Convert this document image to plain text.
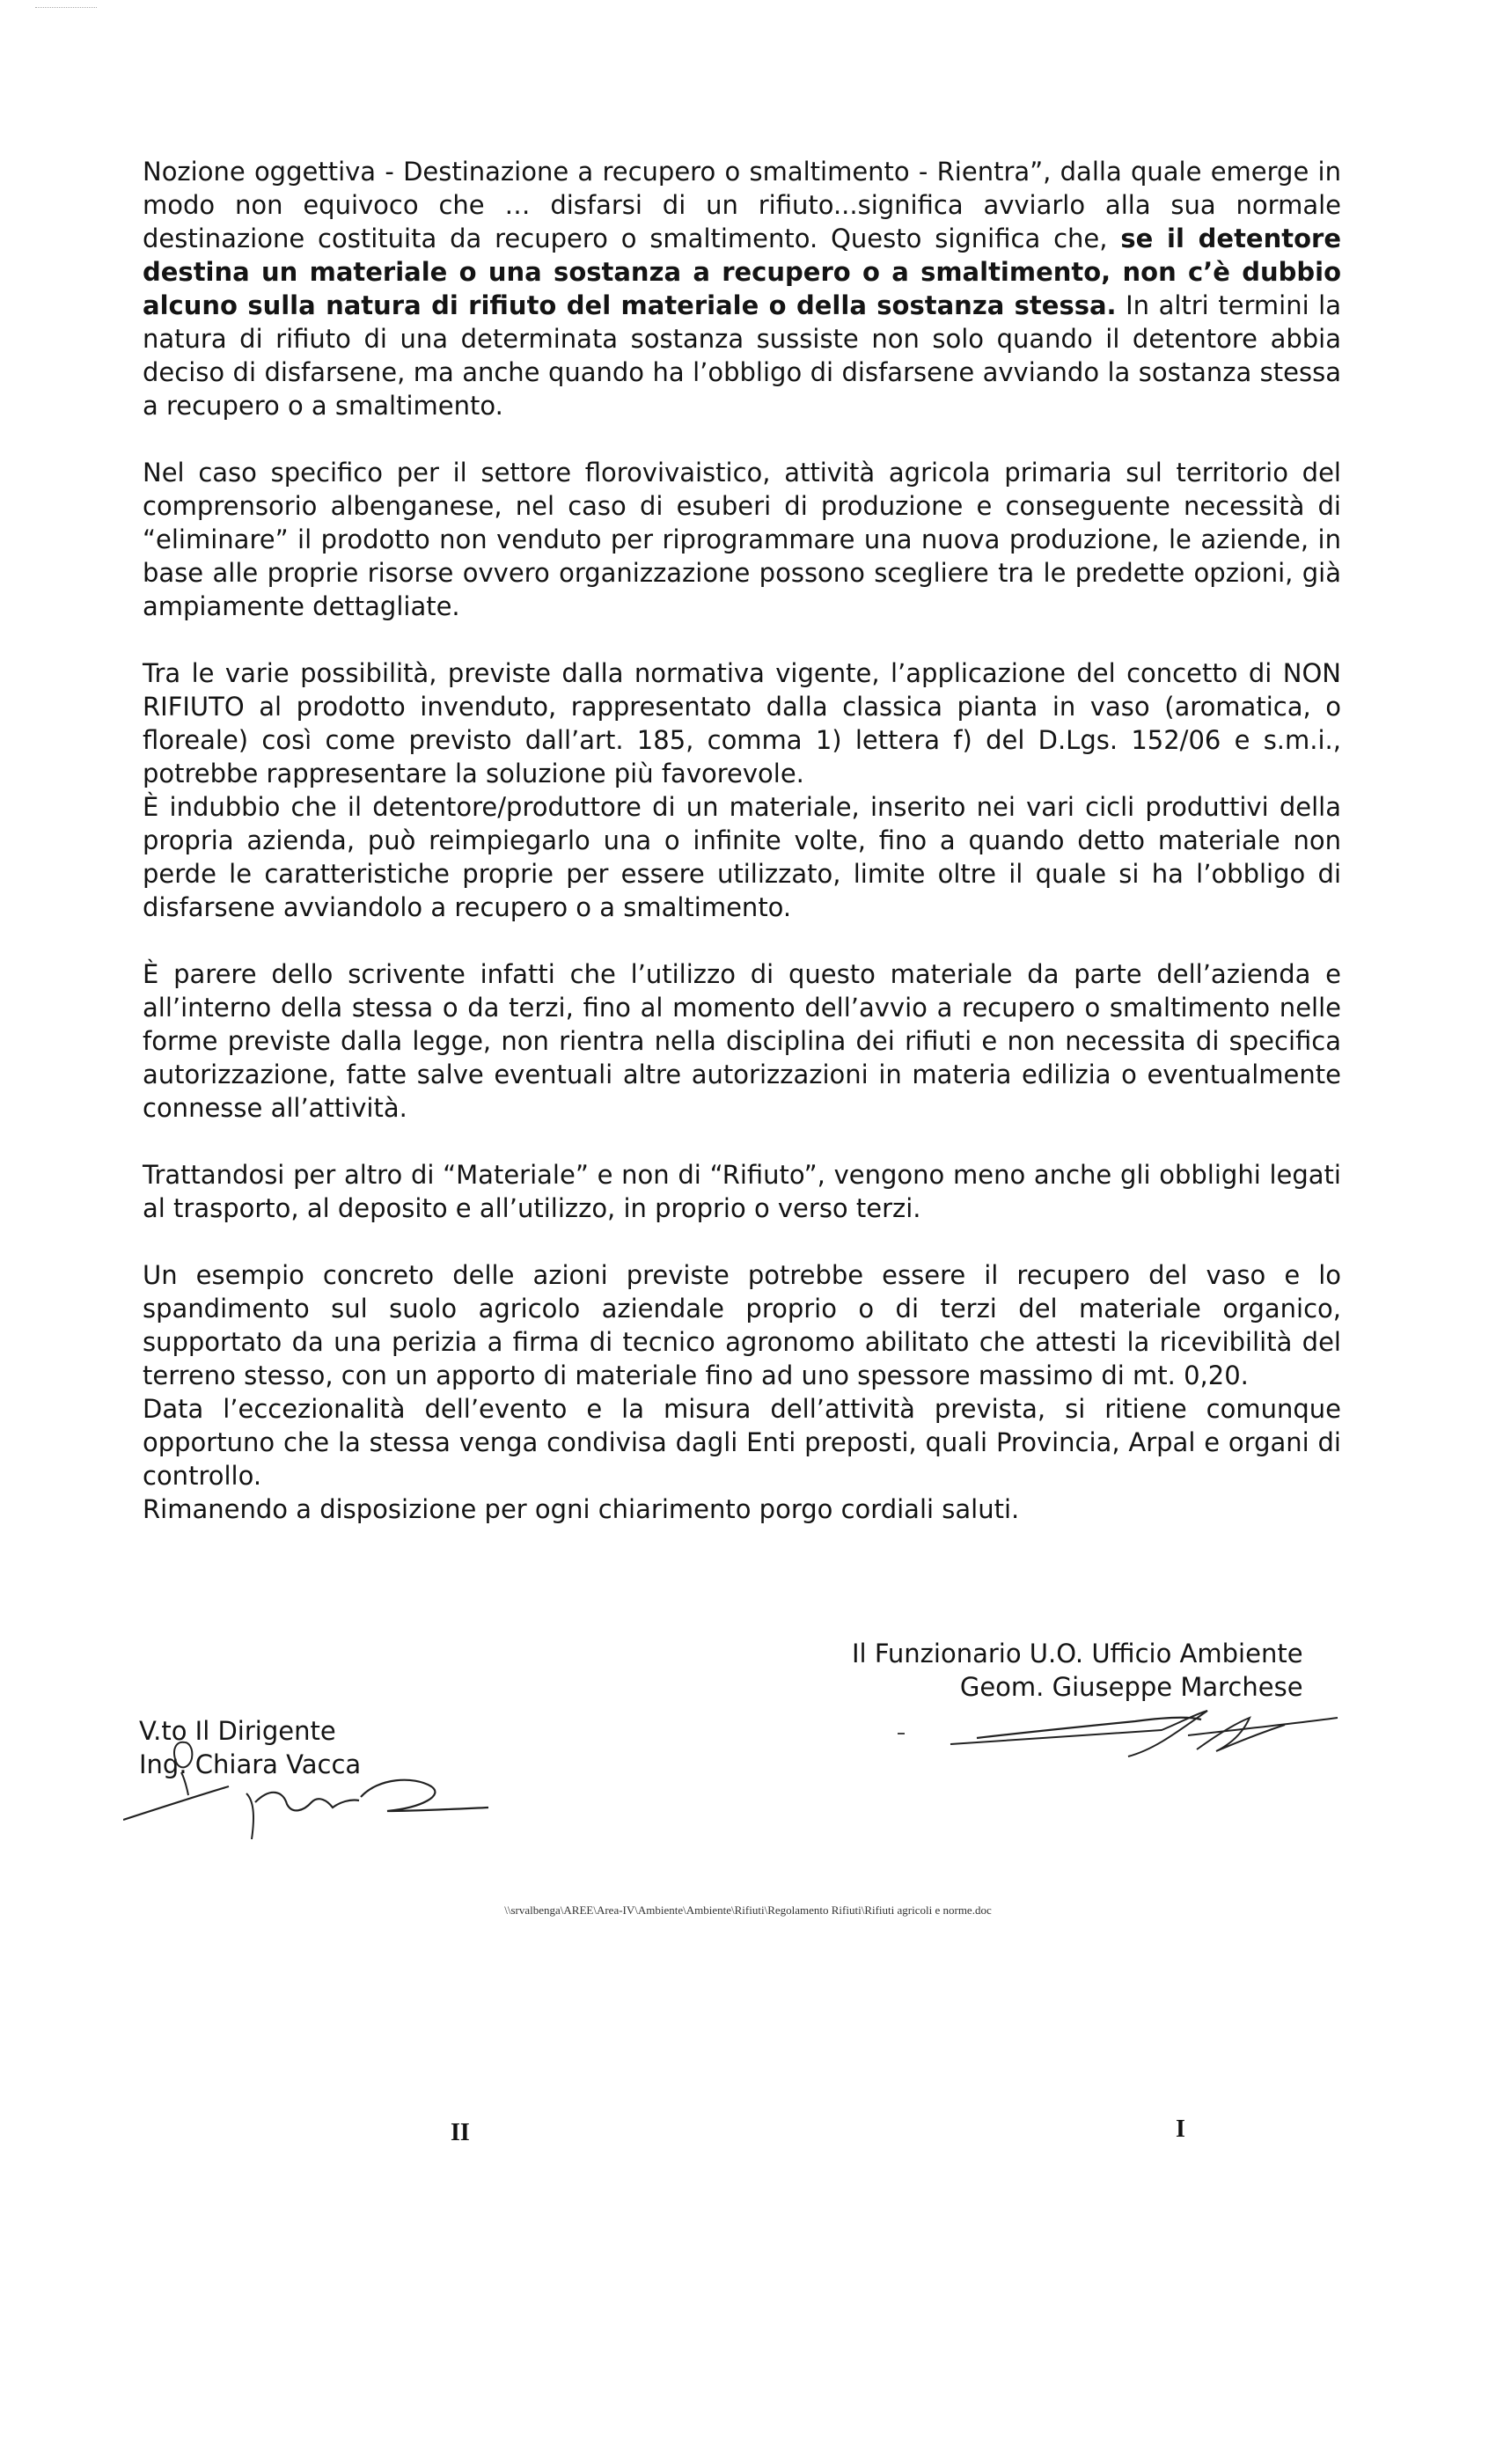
Nozione oggettiva - Destinazione a recupero o smaltimento - Rientra”, dalla quale emerge in modo non equivoco che … disfarsi di un rifiuto...significa avviarlo alla sua normale destinazione costituita da recupero o smaltimento. Questo significa che, se il detentore destina un materiale o una sostanza a recupero o a smaltimento, non c’è dubbio alcuno sulla natura di rifiuto del materiale o della sostanza stessa. In altri termini la natura di rifiuto di una determinata sostanza sussiste non solo quando il detentore abbia deciso di disfarsene, ma anche quando ha l’obbligo di disfarsene avviando la sostanza stessa a recupero o a smaltimento.

Nel caso specifico per il settore florovivaistico, attività agricola primaria sul territorio del comprensorio albenganese, nel caso di esuberi di produzione e conseguente necessità di “eliminare” il prodotto non venduto per riprogrammare una nuova produzione, le aziende, in base alle proprie risorse ovvero organizzazione possono scegliere tra le predette opzioni, già ampiamente dettagliate.

Tra le varie possibilità, previste dalla normativa vigente, l’applicazione del concetto di NON RIFIUTO al prodotto invenduto, rappresentato dalla classica pianta in vaso (aromatica, o floreale) così come previsto dall’art. 185, comma 1) lettera f) del D.Lgs. 152/06 e s.m.i., potrebbe rappresentare la soluzione più favorevole.

È indubbio che il detentore/produttore di un materiale, inserito nei vari cicli produttivi della propria azienda, può reimpiegarlo una o infinite volte, fino a quando detto materiale non perde le caratteristiche proprie per essere utilizzato, limite oltre il quale si ha l’obbligo di disfarsene avviandolo a recupero o a smaltimento.

È parere dello scrivente infatti che l’utilizzo di questo materiale da parte dell’azienda e all’interno della stessa o da terzi, fino al momento dell’avvio a recupero o smaltimento nelle forme previste dalla legge, non rientra nella disciplina dei rifiuti e non necessita di specifica autorizzazione, fatte salve eventuali altre autorizzazioni in materia edilizia o eventualmente connesse all’attività.

Trattandosi per altro di “Materiale” e non di “Rifiuto”, vengono meno anche gli obblighi legati al trasporto, al deposito e all’utilizzo, in proprio o verso terzi.

Un esempio concreto delle azioni previste potrebbe essere il recupero del vaso e lo spandimento sul suolo agricolo aziendale proprio o di terzi del materiale organico, supportato da una perizia a firma di tecnico agronomo abilitato che attesti la ricevibilità del terreno stesso, con un apporto di materiale fino ad uno spessore massimo di mt. 0,20.

Data l’eccezionalità dell’evento e la misura dell’attività prevista, si ritiene comunque opportuno che la stessa venga condivisa dagli Enti preposti, quali Provincia, Arpal e organi di controllo.

Rimanendo a disposizione per ogni chiarimento porgo cordiali saluti.

Il Funzionario U.O. Ufficio Ambiente
Geom. Giuseppe Marchese
V.to Il Dirigente
Ing. Chiara Vacca
\\srvalbenga\AREE\Area-IV\Ambiente\Ambiente\Rifiuti\Regolamento Rifiuti\Rifiuti agricoli e norme.doc
II	I
